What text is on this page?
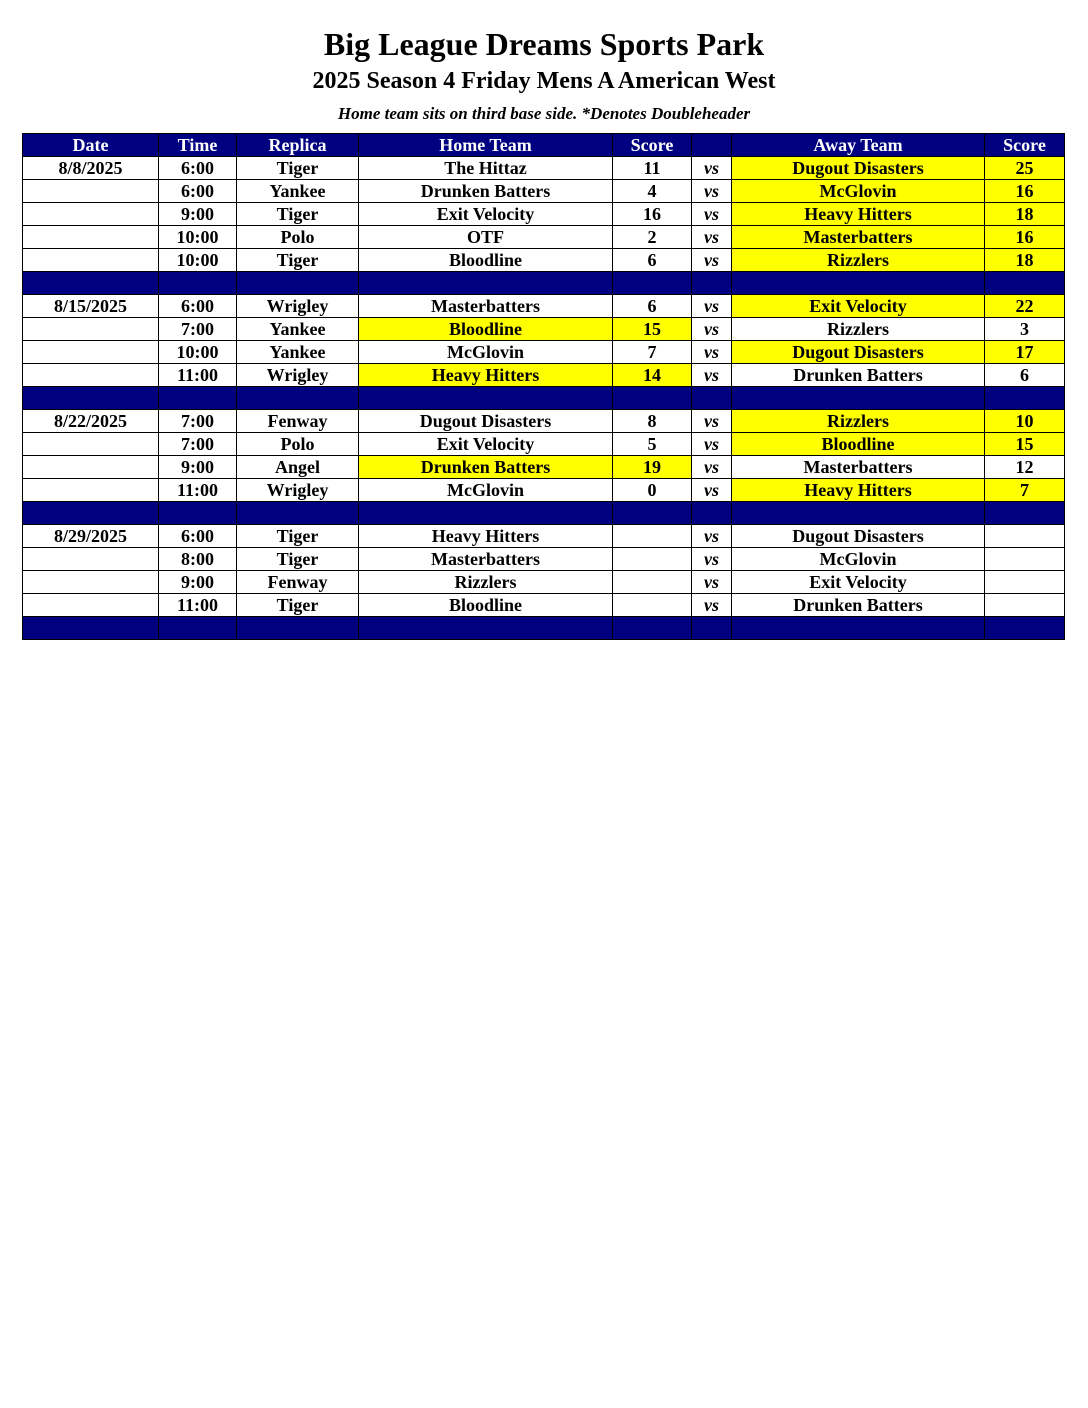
Big League Dreams Sports Park
2025 Season 4 Friday Mens A American West
Home team sits on third base side. *Denotes Doubleheader
Date	Time	Replica	Home Team	Score		Away Team	Score
8/8/2025	6:00	Tiger	The Hittaz	11	vs	Dugout Disasters	25
	6:00	Yankee	Drunken Batters	4	vs	McGlovin	16
	9:00	Tiger	Exit Velocity	16	vs	Heavy Hitters	18
	10:00	Polo	OTF	2	vs	Masterbatters	16
	10:00	Tiger	Bloodline	6	vs	Rizzlers	18

8/15/2025	6:00	Wrigley	Masterbatters	6	vs	Exit Velocity	22
	7:00	Yankee	Bloodline	15	vs	Rizzlers	3
	10:00	Yankee	McGlovin	7	vs	Dugout Disasters	17
	11:00	Wrigley	Heavy Hitters	14	vs	Drunken Batters	6

8/22/2025	7:00	Fenway	Dugout Disasters	8	vs	Rizzlers	10
	7:00	Polo	Exit Velocity	5	vs	Bloodline	15
	9:00	Angel	Drunken Batters	19	vs	Masterbatters	12
	11:00	Wrigley	McGlovin	0	vs	Heavy Hitters	7

8/29/2025	6:00	Tiger	Heavy Hitters		vs	Dugout Disasters	
	8:00	Tiger	Masterbatters		vs	McGlovin	
	9:00	Fenway	Rizzlers		vs	Exit Velocity	
	11:00	Tiger	Bloodline		vs	Drunken Batters	
